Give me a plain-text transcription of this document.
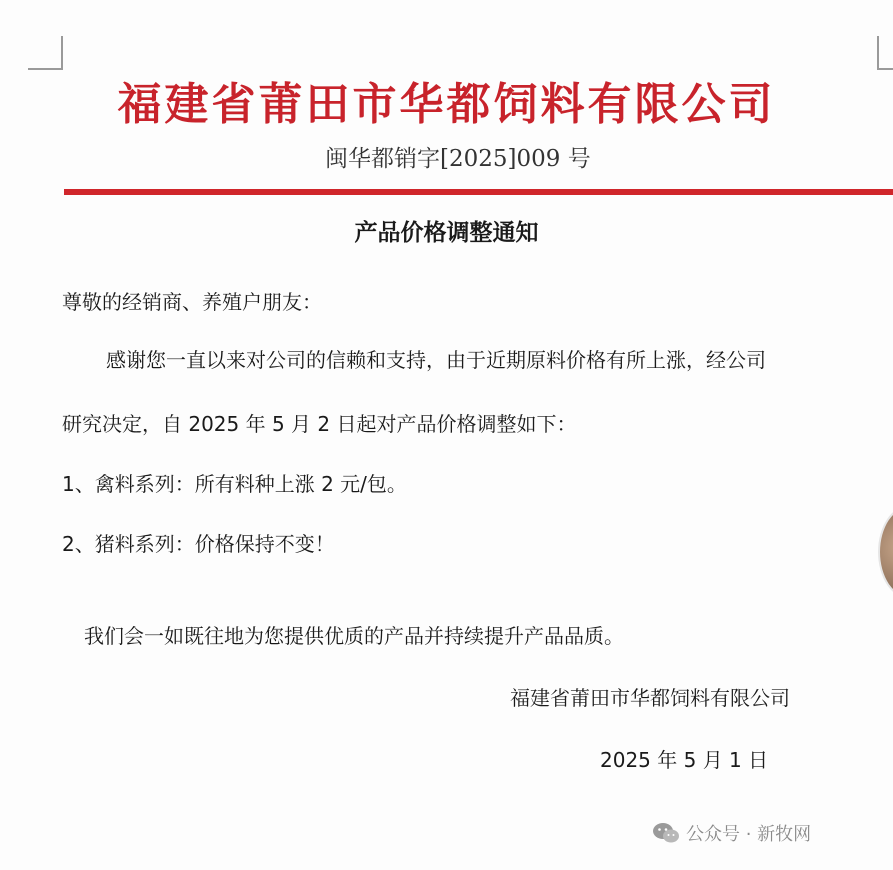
福建省莆田市华都饲料有限公司
闽华都销字[2025]009 号
产品价格调整通知
尊敬的经销商、养殖户朋友：
感谢您一直以来对公司的信赖和支持，由于近期原料价格有所上涨，经公司
研究决定，自 2025 年 5 月 2 日起对产品价格调整如下：
1、禽料系列：所有料种上涨 2 元/包。
2、猪料系列：价格保持不变！
我们会一如既往地为您提供优质的产品并持续提升产品品质。
福建省莆田市华都饲料有限公司
2025 年 5 月 1 日
公众号 · 新牧网
